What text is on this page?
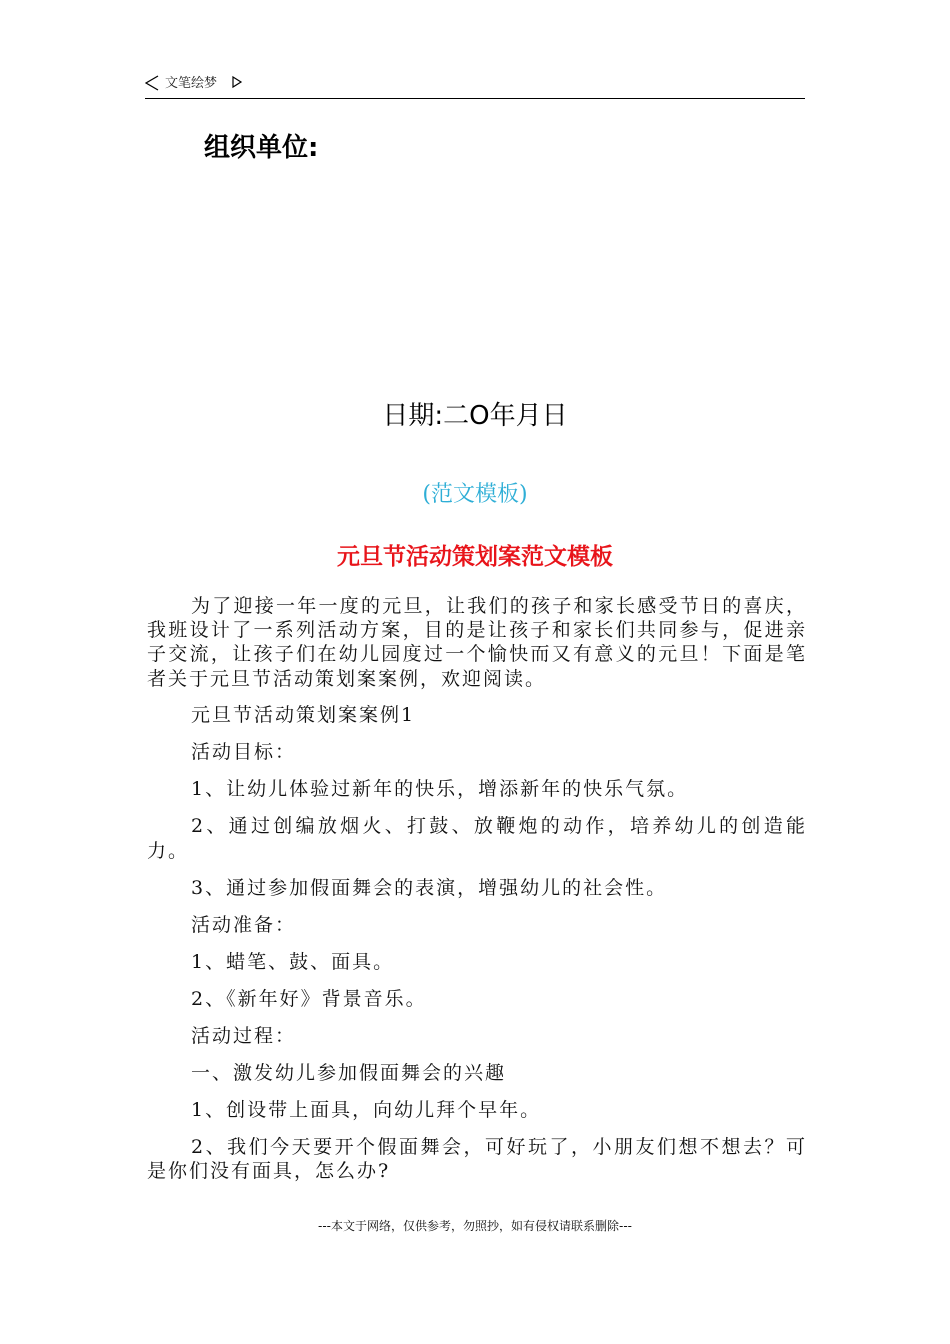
文笔绘梦
组织单位:
日期:二O年月日
(范文模板)
元旦节活动策划案范文模板

为了迎接一年一度的元旦，让我们的孩子和家长感受节日的喜庆，我班设计了一系列活动方案，目的是让孩子和家长们共同参与，促进亲子交流，让孩子们在幼儿园度过一个愉快而又有意义的元旦！下面是笔者关于元旦节活动策划案案例，欢迎阅读。

元旦节活动策划案案例1

活动目标：

1、让幼儿体验过新年的快乐，增添新年的快乐气氛。

2、通过创编放烟火、打鼓、放鞭炮的动作，培养幼儿的创造能力。

3、通过参加假面舞会的表演，增强幼儿的社会性。

活动准备：

1、蜡笔、鼓、面具。

2、《新年好》背景音乐。

活动过程：

一、激发幼儿参加假面舞会的兴趣

1、创设带上面具，向幼儿拜个早年。

2、我们今天要开个假面舞会，可好玩了，小朋友们想不想去？可是你们没有面具，怎么办?

---本文于网络，仅供参考，勿照抄，如有侵权请联系删除---
